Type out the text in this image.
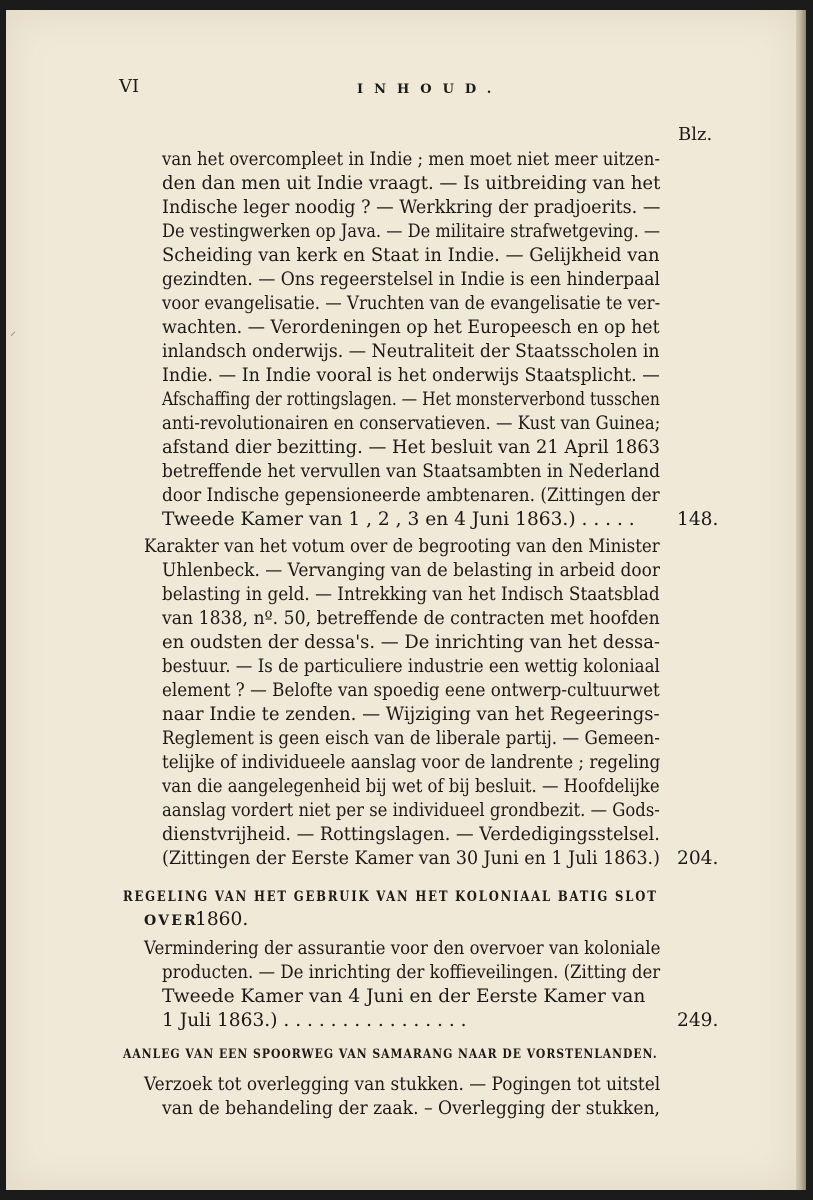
⸝
VI	INHOUD.
Blz.
van het overcompleet in Indie ; men moet niet meer uitzen-
den dan men uit Indie vraagt. — Is uitbreiding van het
Indische leger noodig ? — Werkkring der pradjoerits. —
De vestingwerken op Java. — De militaire strafwetgeving. —
Scheiding van kerk en Staat in Indie. — Gelijkheid van
gezindten. — Ons regeerstelsel in Indie is een hinderpaal
voor evangelisatie. — Vruchten van de evangelisatie te ver-
wachten. — Verordeningen op het Europeesch en op het
inlandsch onderwijs. — Neutraliteit der Staatsscholen in
Indie. — In Indie vooral is het onderwijs Staatsplicht. —
Afschaffing der rottingslagen. — Het monsterverbond tusschen
anti-revolutionairen en conservatieven. — Kust van Guinea;
afstand dier bezitting. — Het besluit van 21 April 1863
betreffende het vervullen van Staatsambten in Nederland
door Indische gepensioneerde ambtenaren. (Zittingen der
Tweede Kamer van 1 , 2 , 3 en 4 Juni 1863.) . . . . . 148.
Karakter van het votum over de begrooting van den Minister
Uhlenbeck. — Vervanging van de belasting in arbeid door
belasting in geld. — Intrekking van het Indisch Staatsblad
van 1838, nº. 50, betreffende de contracten met hoofden
en oudsten der dessa's. — De inrichting van het dessa-
bestuur. — Is de particuliere industrie een wettig koloniaal
element ? — Belofte van spoedig eene ontwerp-cultuurwet
naar Indie te zenden. — Wijziging van het Regeerings-
Reglement is geen eisch van de liberale partij. — Gemeen-
telijke of individueele aanslag voor de landrente ; regeling
van die aangelegenheid bij wet of bij besluit. — Hoofdelijke
aanslag vordert niet per se individueel grondbezit. — Gods-
dienstvrijheid. — Rottingslagen. — Verdedigingsstelsel.
(Zittingen der Eerste Kamer van 30 Juni en 1 Juli 1863.) 204.
REGELING VAN HET GEBRUIK VAN HET KOLONIAAL BATIG SLOT
OVER
1860.
Vermindering der assurantie voor den overvoer van koloniale
producten. — De inrichting der koffieveilingen. (Zitting der
Tweede Kamer van 4 Juni en der Eerste Kamer van
1 Juli 1863.) . . . . . . . . . . . . . . . .	249.
AANLEG VAN EEN SPOORWEG VAN SAMARANG NAAR DE VORSTENLANDEN.
Verzoek tot overlegging van stukken. — Pogingen tot uitstel
van de behandeling der zaak. – Overlegging der stukken,
